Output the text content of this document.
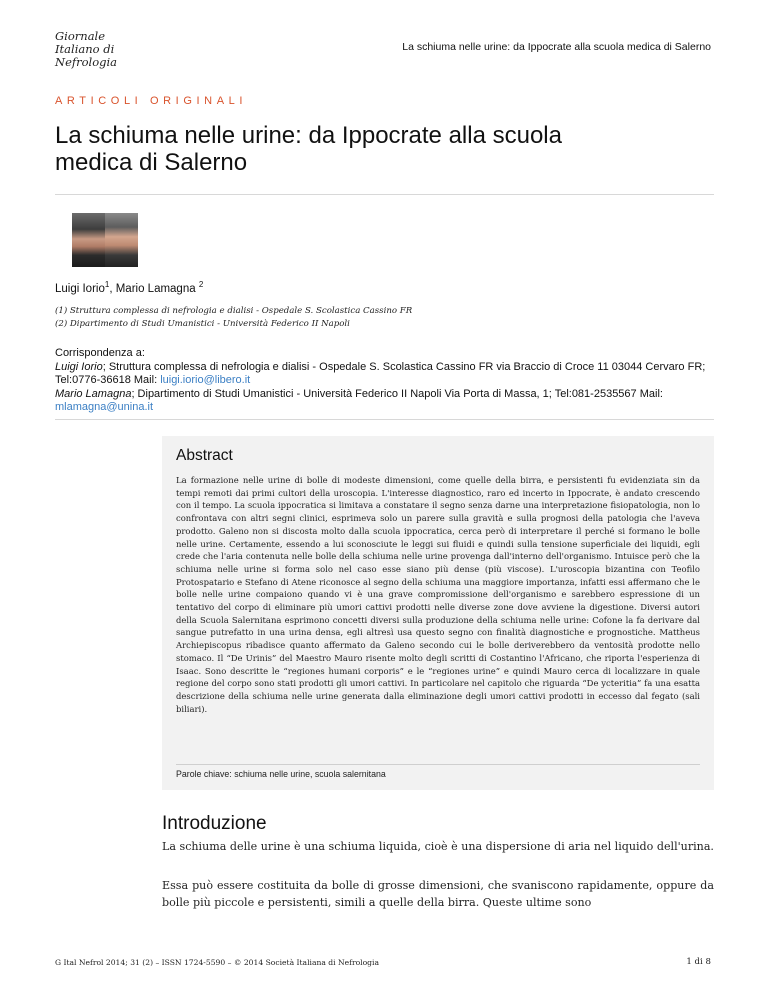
Giornale
Italiano di
Nefrologia
La schiuma nelle urine: da Ippocrate alla scuola medica di Salerno
ARTICOLI ORIGINALI
La schiuma nelle urine: da Ippocrate alla scuola medica di Salerno
Luigi Iorio$^1$, Mario Lamagna $^2$
(1) Struttura complessa di nefrologia e dialisi - Ospedale S. Scolastica Cassino FR
(2) Dipartimento di Studi Umanistici - Università Federico II Napoli
Corrispondenza a:
Luigi Iorio; Struttura complessa di nefrologia e dialisi - Ospedale S. Scolastica Cassino FR via Braccio di Croce 11 03044 Cervaro FR; Tel:0776-36618 Mail: luigi.iorio@libero.it
Mario Lamagna; Dipartimento di Studi Umanistici - Università Federico II Napoli Via Porta di Massa, 1; Tel:081-2535567 Mail: mlamagna@unina.it
Abstract

La formazione nelle urine di bolle di modeste dimensioni, come quelle della birra, e persistenti fu evidenziata sin da tempi remoti dai primi cultori della uroscopia. L'interesse diagnostico, raro ed incerto in Ippocrate, è andato crescendo con il tempo. La scuola ippocratica si limitava a constatare il segno senza darne una interpretazione fisiopatologia, non lo confrontava con altri segni clinici, esprimeva solo un parere sulla gravità e sulla prognosi della patologia che l'aveva prodotto. Galeno non si discosta molto dalla scuola ippocratica, cerca però di interpretare il perché si formano le bolle nelle urine. Certamente, essendo a lui sconosciute le leggi sui fluidi e quindi sulla tensione superficiale dei liquidi, egli crede che l'aria contenuta nelle bolle della schiuma nelle urine provenga dall'interno dell'organismo. Intuisce però che la schiuma nelle urine si forma solo nel caso esse siano più dense (più viscose). L'uroscopia bizantina con Teofilo Protospatario e Stefano di Atene riconosce al segno della schiuma una maggiore importanza, infatti essi affermano che le bolle nelle urine compaiono quando vi è una grave compromissione dell'organismo e sarebbero espressione di un tentativo del corpo di eliminare più umori cattivi prodotti nelle diverse zone dove avviene la digestione. Diversi autori della Scuola Salernitana esprimono concetti diversi sulla produzione della schiuma nelle urine: Cofone la fa derivare dal sangue putrefatto in una urina densa, egli altresì usa questo segno con finalità diagnostiche e prognostiche. Mattheus Archiepiscopus ribadisce quanto affermato da Galeno secondo cui le bolle deriverebbero da ventosità prodotte nello stomaco. Il “De Urinis” del Maestro Mauro risente molto degli scritti di Costantino l'Africano, che riporta l'esperienza di Isaac. Sono descritte le “regiones humani corporis” e le “regiones urine” e quindi Mauro cerca di localizzare in quale regione del corpo sono stati prodotti gli umori cattivi. In particolare nel capitolo che riguarda “De ycteritia” fa una esatta descrizione della schiuma nelle urine generata dalla eliminazione degli umori cattivi prodotti in eccesso dal fegato (sali biliari).

Parole chiave: schiuma nelle urine, scuola salernitana
Introduzione

La schiuma delle urine è una schiuma liquida, cioè è una dispersione di aria nel liquido dell'urina.

Essa può essere costituita da bolle di grosse dimensioni, che svaniscono rapidamente, oppure da bolle più piccole e persistenti, simili a quelle della birra. Queste ultime sono

G Ital Nefrol 2014; 31 (2) – ISSN 1724-5590 – © 2014 Società Italiana di Nefrologia	1 di 8
